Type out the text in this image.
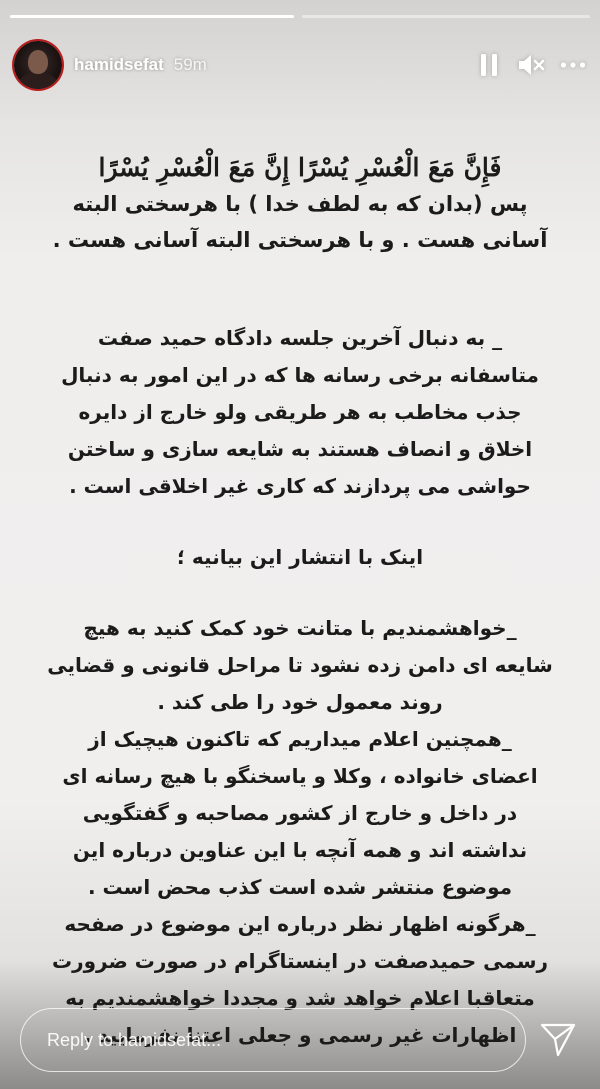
hamidsefat 59m

فَإِنَّ مَعَ الْعُسْرِ يُسْرًا إِنَّ مَعَ الْعُسْرِ يُسْرًا

پس (بدان که به لطف خدا ) با هرسختی البته

آسانی هست . و با هرسختی البته آسانی هست .

_ به دنبال آخرین جلسه دادگاه حمید صفت

متاسفانه برخی رسانه ها که در این امور به دنبال

جذب مخاطب به هر طریقی ولو خارج از دایره

اخلاق و انصاف هستند به شایعه سازی و ساختن

حواشی می پردازند که کاری غیر اخلاقی است .

اینک با انتشار این بیانیه ؛

_خواهشمندیم با متانت خود کمک کنید به هیچ

شایعه ای دامن زده نشود تا مراحل قانونی و قضایی

روند معمول خود را طی کند .

_همچنین اعلام میداریم که تاکنون هیچیک از

اعضای خانواده ، وکلا و یاسخنگو با هیچ رسانه ای

در داخل و خارج از کشور مصاحبه و گفتگویی

نداشته اند و همه آنچه با این عناوین درباره این

موضوع منتشر شده است کذب محض است .

_هرگونه اظهار نظر درباره این موضوع در صفحه

رسمی حمیدصفت در اینستاگرام در صورت ضرورت

متعاقبا اعلام خواهد شد و مجددا خواهشمندیم به

اظهارات غیر رسمی و جعلی اعتنا نفرمایید .

Reply to hamidsefat...
